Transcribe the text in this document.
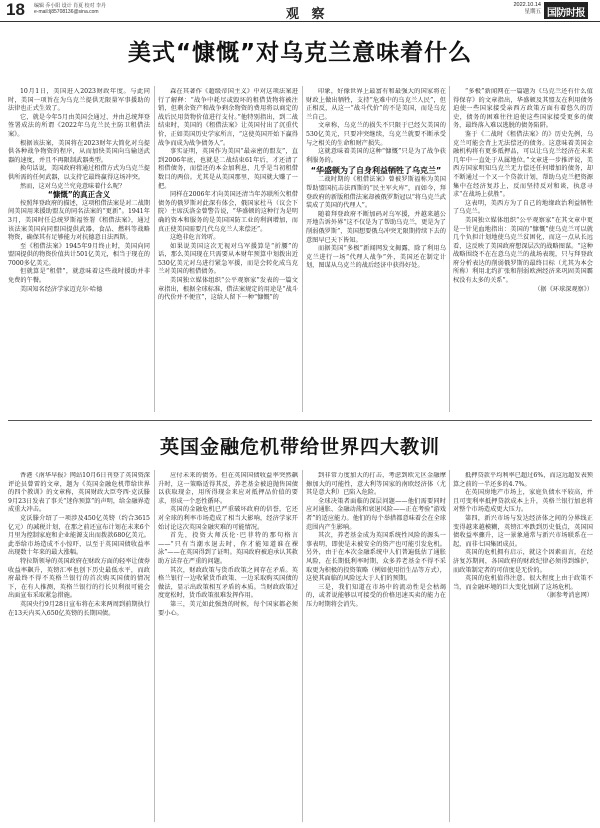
18 编辑 乔小阳 设计 肖夏 校对 李丹
e-mail:lj85708136@sina.com	观 察
2022.10.14
星期五 国防时报
美式“慷慨”对乌克兰意味着什么

10月1日，美国进入2023财政年度。与此同时，美国一项旨在为乌克兰提供无限量军事援助的法律也正式生效了。

它，就是今年5月由美国会通过、并由总统拜登签署成法的所谓《2022年乌克兰民主防卫租借法案》。

根据该法案，美国将在2023财年大简化对乌提供各种战争物资的程序，从而加快美国向乌输送武器的速度，并且不再限制武器类型。

换句话说，美国政府将通过租借方式为乌克兰提供所需的任何武器，以支持它最终赢得这场冲突。

然而，这对乌克兰究竟意味着什么呢？

“慷慨”的真正含义

按照拜登政府的描述，这项租借法案是对二战期间美国用来援助盟友的同名法案的“更新”。1941年3月，美国时任总统罗斯福签署《租借法案》，通过该法案美国向同盟国提供武器、食品、燃料等战略物资，确保其有足够能力对抗德意日法西斯。

至《租借法案》1945年9月终止时，美国向同盟国提供的物资价值共计501亿美元，相当于现在的7000多亿美元。

但就算是“租借”，就意味着这些战时援助并非免费的午餐。

美国知名经济学家迈克尔·哈德

森在其著作《超级帝国主义》中对这项法案进行了解释：“战争中耗尽或毁坏的租借货物将被注销，但剩余资产和战争剩余物资的费用将以商定的战后民用货物价值进行支付。”他特别指出，到二战结束时，美国的《租借法案》让英国付出了沉重代价，正如美国历史学家所言，“这使英国开始下赢得战争而成为战争债务人”。

事实证明，英国作为美国“最亲密的盟友”，直到2006年底，也就是二战结束61年后，才还清了租借债务，而偿还的本金加利息，几乎是当初租借数目的两倍。尤其是从美国那里，英国就大赚了一把。

同样在2006年才向美国还清当年苏联所欠租借债务的俄罗斯对此深有体会，俄国家杜马（议会下院）主席沃洛金曾警告说，“华盛顿的这种行为是明确的资本和服务的是美国国防工业的利润增加，而真正使美国需要几代乌克兰人来偿还”。

这绝非危言耸听。

如果说美国这次无视对乌军援算是“折腰”的话，那么美国现在只需要从本财年预算中划拨出近530亿美元对乌进行紧急军援，而是会转化成乌克兰对美国的租借债务。

美国独立媒体组织“公平观察家”发表的一篇文章指出，根据全球标准，借法案规定的用途是“战斗的代价并不便宜”，这给人留下一种“慷慨”的

印象，好像世界上最富有和最强大的国家将在财政上做出牺牲，支持“危难中的乌克兰人民”，但正相反，从这一“战斗代价”的不是美国，而是乌克兰自己。

文章称，乌克兰的损失不只限于已经欠美国的530亿美元，只要冲突继续，乌克兰就要不断承受与之相关的生命和财产损失。

这就意味着美国的这种“慷慨”只是为了战争获利服务的。

“华盛顿为了自身利益牺牲了乌克兰”

二战时期的《租借法案》曾被罗斯福称为美国帮助盟国抗击法西斯的“民主军火库”，而如今，拜登政府的新版租借法案却被俄罗斯冠以“将乌克兰武装成了美国的代理人”。

随着拜登政府不断加码对乌军援，并越来越公开地告诉外界“这不仅是为了帮助乌克兰，更是为了削弱俄罗斯”，美国想要俄乌冲突无限期持续下去的意图早已天下皆知。

而据美国“多极”新闻网发文揭露，除了利用乌克兰进行一场“代理人战争”外，美国还在制定计划，图谋从乌克兰的战后经济中获得好处。

“多极”新闻网在一篇题为《乌克兰还有什么值得保存》的文章指出，华盛顿及其盟友在利用债务迫使一些国家接受亲西方政策方面有着悠久的历史，债务的困难往往迫使这些国家接受更多的债务，最终落入难以逃脱的债务陷阱。

鉴于《二战时《租借法案》的》历史先例，乌克兰可能会背上无法偿还的债务。这意味着美国金融机构将有更多抵押品，可以让乌克兰经济在未来几年中一直处于从属地位。”文章进一步推评说，美西方国家明知乌克兰无力偿还任何增加的债务，却不断通过一个又一个贷款计划，帮助乌克兰把资源集中在经济复苏上，反而坚持反对和谈，执意寻求“在战场上获胜”。

这表明，美西方为了自己的地缘政治利益牺牲了乌克兰。

美国独立媒体组织“公平观察家”在其文章中更是一针见血地指出：美国的“慷慨”使乌克兰可以就几个负担计划地使乌克兰贫困化，而这一点从长远看，这反映了美国政府想深层次的战略图谋。“这种战略围绕不在在意乌克兰的战场表现，只与拜登政府分析表达的削弱俄罗斯的最终目标（尤其为本会所称）利用北约扩张和削弱欧洲经济来巩固美国霸权没有太多的关系”。

（据《环球深观察》）

英国金融危机带给世界四大教训

香港《南华早报》网站10月6日刊登了英国资深评论员曾雷的文章，题为《英国金融危机带给世界的四个教训》的文章称，英国财政大臣夸西·克沃滕9月23日发表了事关“迷你预算”的声明，给金融界造成重大冲击。

克沃滕介绍了一项涉及450亿英镑（约合3615亿元）的减税计划，在那之前还宣布计划在未来6个月里为控制家庭和企业能源支出而拨款680亿美元。此举给市场造成不小惊吓，以至于英国国债收益率出现数十年来的最大涨幅。

特拉斯领导的英国政府在财政方面的轻率让债券收益率飙升，英镑汇率也创下历史最低水平，而政府最终不得不英格兰银行的首次购买国债的情况下，在有人推测，英格兰银行的行长贝利很可能会出面宣布采取紧急措施。

英国央行9月28日宣布将在未来两周到前期执行在13天内买入650亿英镑的长期国债。

应付未来的债务。但在英国国债收益率突然飙升时，这一策略适得其反，养老基金被迫抛售国债以获取现金，用所得现金来应对抵押品价值的要求，形成一个恶性循环。

英国的金融危机已严重破坏政府的信誉，它还对全球的利率市场造成了相当大影响，经济学家开始讨论这次英国金融灾难的可能情况。

首先，投资大师沃伦·巴菲特的那句格言——“只有当潮水退去时，你才能知道谁在裸泳”——在英国得到了证明。英国政府被迫承认其救助方法存在严重的问题。

其次，财政政策与货币政策之间存在矛盾。英格兰银行一边收紧货币政策、一边采取购买国债的做法，显示出政策相互矛盾的本质。当财政政策过度宽松时，货币政策很难发挥作用。

第三，美元如此强劲的时候，每个国家都必须要小心。

到非常力度加大的打击，考虑到欧元区金融摩擦加大的可能性，意大利等国家的南欧经济体（尤其是意大利）已陷入危险。

全球决策者面临的深层问题——他们需要同时应对通胀、金融动荡和衰退风险——正在考验“游戏者”的适应能力。他们的每个举措都意味着会在全球范围内产生影响。

其次，养老基金成为英国系统性风险的源头一事表明，即使是未被安全的资产也可能引发危机。另外，由于在本次金融系统中人们普遍低估了通胀风险，在长期低利率时期，众多养老基金不得不采取更为积极的投资策略（例如使用衍生品等方式），这使其面临的风险远大于人们的预期。

三是，我们知道在市场中的流动性是会枯竭的，或者说能够以可接受的价格迅速买卖的能力在压力时期将会消失。

抵押贷款平均利率已超过6%，而这远超发表预算之前的一半还多的4.7%。

在英国房地产市场上，家庭负债水平较高，并且可变利率抵押贷款成本上升，英格兰银行加息将对整个市场造成更大压力。

第四，新兴市场与发达经济体之间的分界线正变得越来越模糊，英镑汇率跌到历史低点，英国国债收益率骤升，这一景象通常与新兴市场联系在一起，而非七国集团成员。

英国的危机拥有启示，就这个因素而言，在经济复苏期间，各国政府的财政纪律必须得到维护，而政策制定者的可信度是无价的。

英国的危机值得注意。很大程度上由于政策不当，而金融环境的巨大变化加剧了这场危机。

（据参考消息网）
